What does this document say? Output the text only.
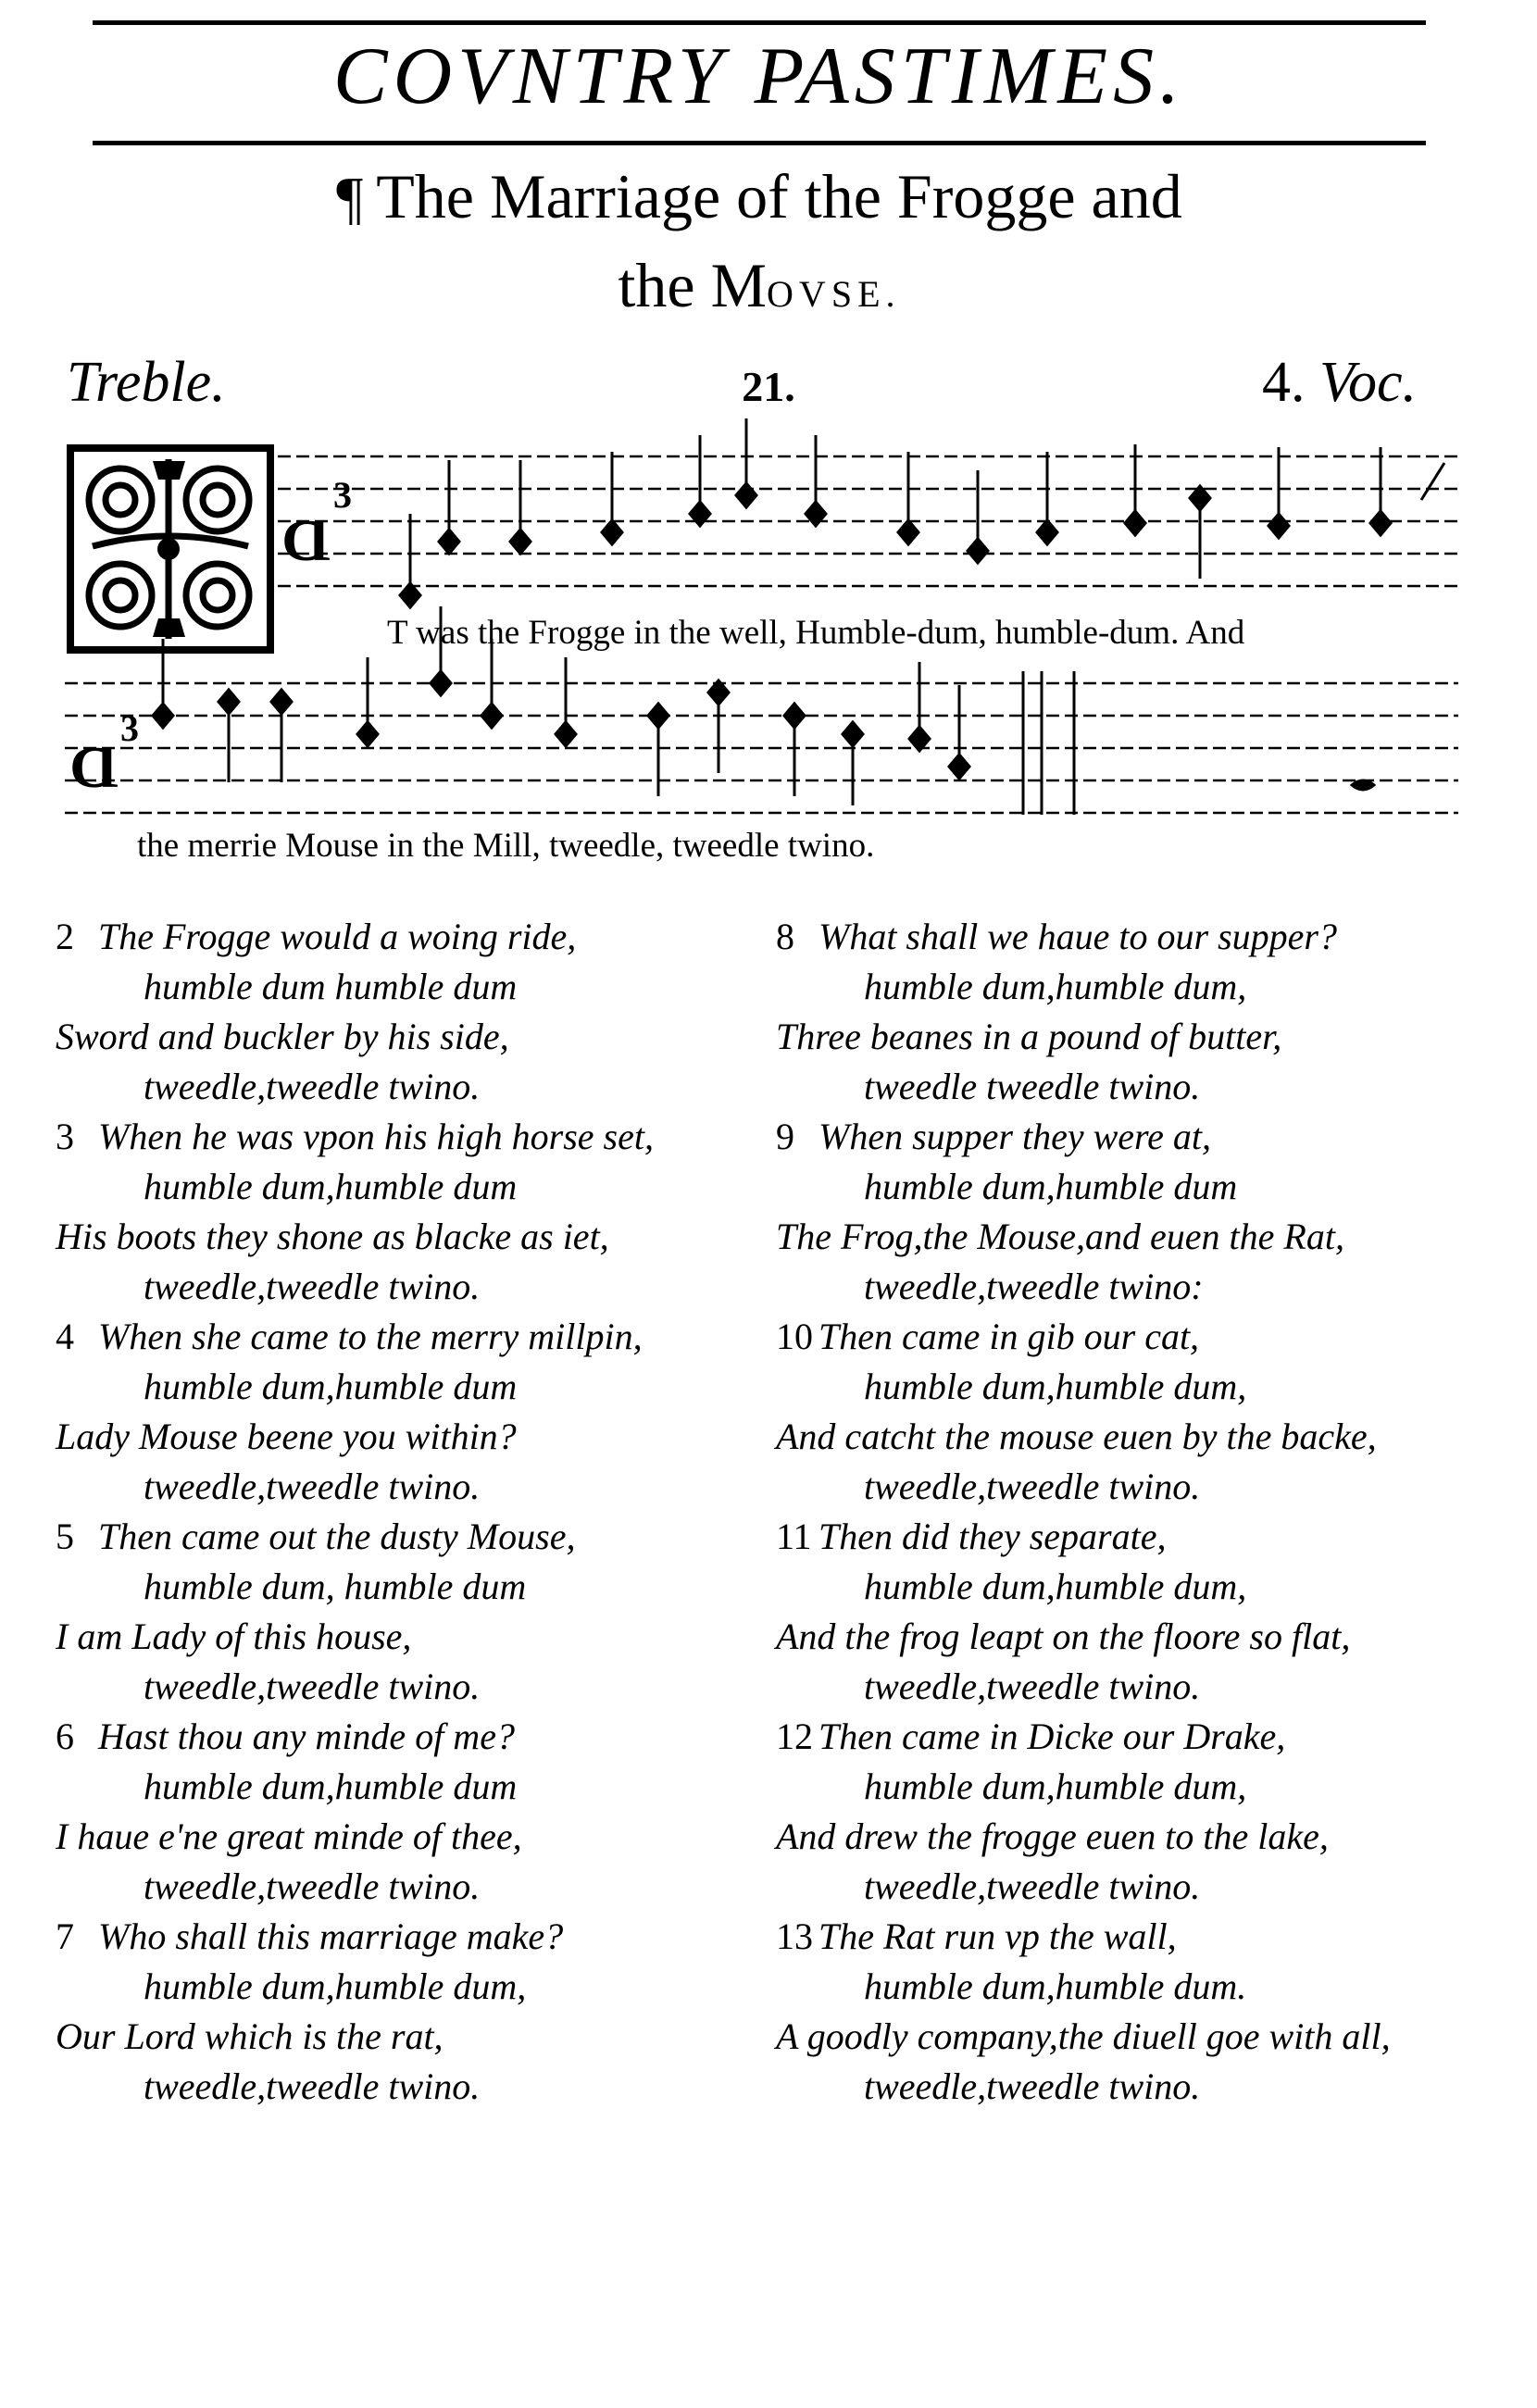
COVNTRY PASTIMES.
¶ The Marriage of the Frogge and
the MOVSE.
Treble.	21.	4. Voc.
Ɑ
3
Ɑ
3
T was the Frogge in the well, Humble-dum, humble-dum. And
the merrie Mouse in the Mill, tweedle, tweedle twino.
2 The Frogge would a woing ride,
humble dum humble dum
Sword and buckler by his side,
tweedle,tweedle twino.
3 When he was vpon his high horse set,
humble dum,humble dum
His boots they shone as blacke as iet,
tweedle,tweedle twino.
4 When she came to the merry millpin,
humble dum,humble dum
Lady Mouse beene you within?
tweedle,tweedle twino.
5 Then came out the dusty Mouse,
humble dum, humble dum
I am Lady of this house,
tweedle,tweedle twino.
6 Hast thou any minde of me?
humble dum,humble dum
I haue e'ne great minde of thee,
tweedle,tweedle twino.
7 Who shall this marriage make?
humble dum,humble dum,
Our Lord which is the rat,
tweedle,tweedle twino.
8 What shall we haue to our supper?
humble dum,humble dum,
Three beanes in a pound of butter,
tweedle tweedle twino.
9 When supper they were at,
humble dum,humble dum
The Frog,the Mouse,and euen the Rat,
tweedle,tweedle twino:
10 Then came in gib our cat,
humble dum,humble dum,
And catcht the mouse euen by the backe,
tweedle,tweedle twino.
11 Then did they separate,
humble dum,humble dum,
And the frog leapt on the floore so flat,
tweedle,tweedle twino.
12 Then came in Dicke our Drake,
humble dum,humble dum,
And drew the frogge euen to the lake,
tweedle,tweedle twino.
13 The Rat run vp the wall,
humble dum,humble dum.
A goodly company,the diuell goe with all,
tweedle,tweedle twino.
